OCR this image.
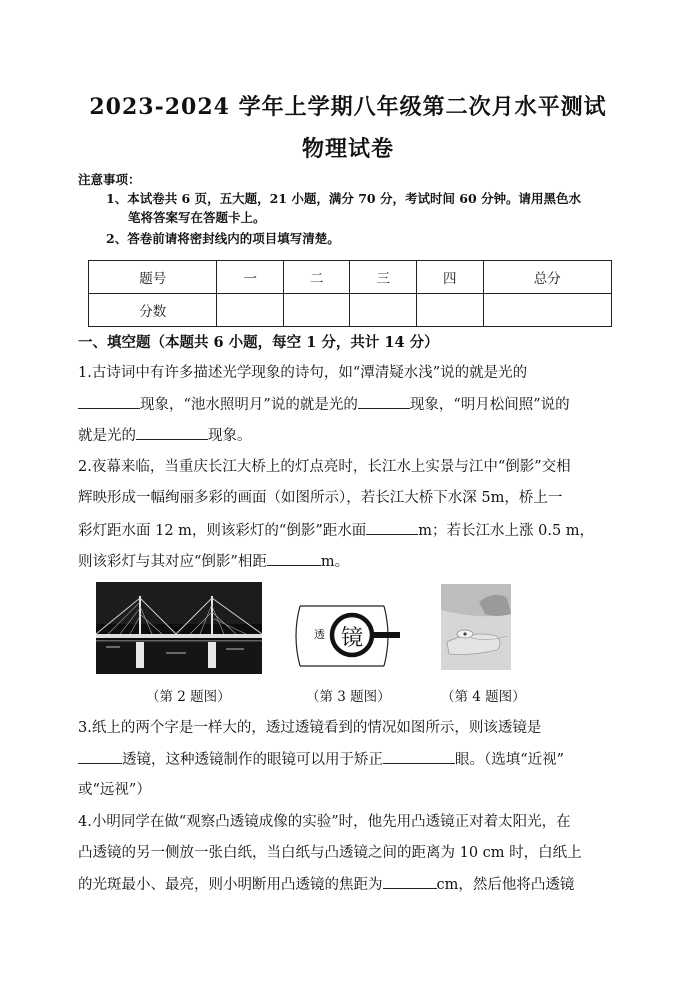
2023-2024 学年上学期八年级第二次月水平测试
物理试卷
注意事项：
1、本试卷共 6 页，五大题，21 小题，满分 70 分，考试时间 60 分钟。请用黑色水
笔将答案写在答题卡上。
2、答卷前请将密封线内的项目填写清楚。
题号	一	二	三	四	总分
分数					
一、填空题（本题共 6 小题，每空 1 分，共计 14 分）
1.古诗词中有许多描述光学现象的诗句，如“潭清疑水浅”说的就是光的
现象，“池水照明月”说的就是光的	现象，“明月松间照”说的
就是光的	现象。
2.夜幕来临，当重庆长江大桥上的灯点亮时，长江水上实景与江中“倒影”交相
辉映形成一幅绚丽多彩的画面（如图所示），若长江大桥下水深 5m，桥上一
彩灯距水面 12 m，则该彩灯的“倒影”距水面	m；若长江水上涨 0.5 m，
则该彩灯与其对应“倒影”相距	m。
透 镜
（第 2 题图）	（第 3 题图）	（第 4 题图）
3.纸上的两个字是一样大的，透过透镜看到的情况如图所示，则该透镜是
透镜，这种透镜制作的眼镜可以用于矫正	眼。（选填“近视”
或“远视”）
4.小明同学在做“观察凸透镜成像的实验”时，他先用凸透镜正对着太阳光，在
凸透镜的另一侧放一张白纸，当白纸与凸透镜之间的距离为 10 cm 时，白纸上
的光斑最小、最亮，则小明断用凸透镜的焦距为	cm，然后他将凸透镜
